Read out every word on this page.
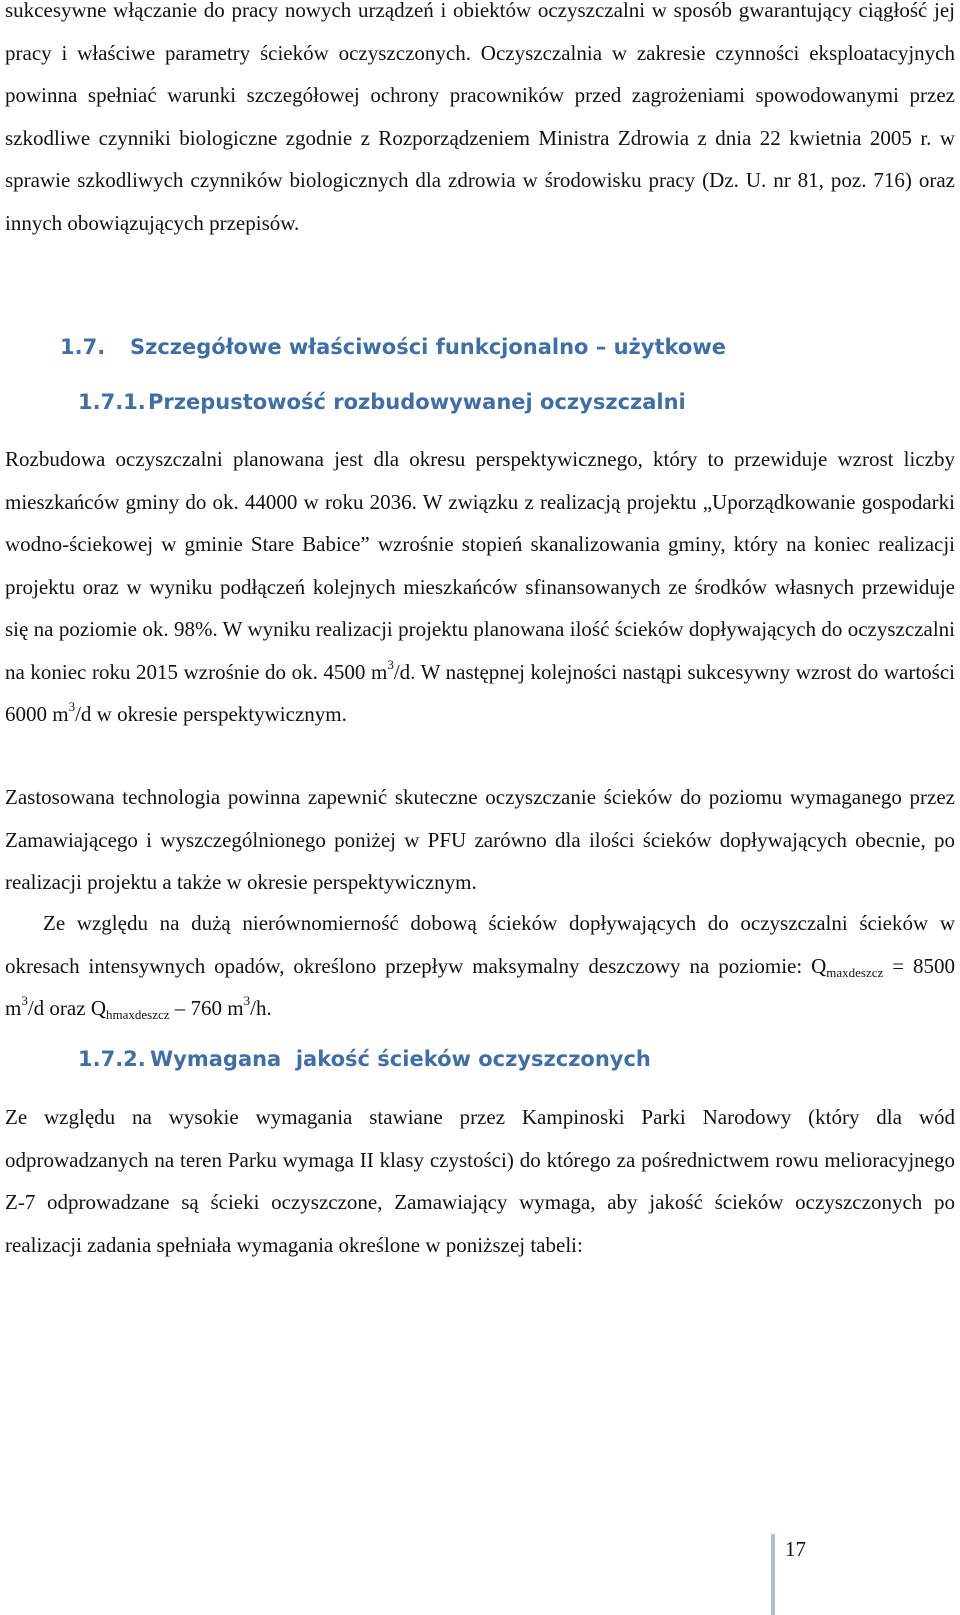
sukcesywne włączanie do pracy nowych urządzeń i obiektów oczyszczalni w sposób gwarantujący ciągłość jej pracy i właściwe parametry ścieków oczyszczonych. Oczyszczalnia w zakresie czynności eksploatacyjnych powinna spełniać warunki szczegółowej ochrony pracowników przed zagrożeniami spowodowanymi przez szkodliwe czynniki biologiczne zgodnie z Rozporządzeniem Ministra Zdrowia z dnia 22 kwietnia 2005 r. w sprawie szkodliwych czynników biologicznych dla zdrowia w środowisku pracy (Dz. U. nr 81, poz. 716) oraz innych obowiązujących przepisów.

1.7. Szczegółowe właściwości funkcjonalno – użytkowe
1.7.1. Przepustowość rozbudowywanej oczyszczalni

Rozbudowa oczyszczalni planowana jest dla okresu perspektywicznego, który to przewiduje wzrost liczby mieszkańców gminy do ok. 44000 w roku 2036. W związku z realizacją projektu „Uporządkowanie gospodarki wodno-ściekowej w gminie Stare Babice” wzrośnie stopień skanalizowania gminy, który na koniec realizacji projektu oraz w wyniku podłączeń kolejnych mieszkańców sfinansowanych ze środków własnych przewiduje się na poziomie ok. 98%. W wyniku realizacji projektu planowana ilość ścieków dopływających do oczyszczalni na koniec roku 2015 wzrośnie do ok. 4500 $m^3/d$. W następnej kolejności nastąpi sukcesywny wzrost do wartości 6000 $m^3/d$ w okresie perspektywicznym.

Zastosowana technologia powinna zapewnić skuteczne oczyszczanie ścieków do poziomu wymaganego przez Zamawiającego i wyszczególnionego poniżej w PFU zarówno dla ilości ścieków dopływających obecnie, po realizacji projektu a także w okresie perspektywicznym.

Ze względu na dużą nierównomierność dobową ścieków dopływających do oczyszczalni ścieków w okresach intensywnych opadów, określono przepływ maksymalny deszczowy na poziomie: $Q_{maxdeszcz} = 8500$ $m^3/d$ oraz $Q_{hmaxdeszcz} - 760$ $m^3/h$.

1.7.2. Wymagana  jakość ścieków oczyszczonych

Ze względu na wysokie wymagania stawiane przez Kampinoski Parki Narodowy (który dla wód odprowadzanych na teren Parku wymaga II klasy czystości) do którego za pośrednictwem rowu melioracyjnego Z-7 odprowadzane są ścieki oczyszczone, Zamawiający wymaga, aby jakość ścieków oczyszczonych po realizacji zadania spełniała wymagania określone w poniższej tabeli:

17
